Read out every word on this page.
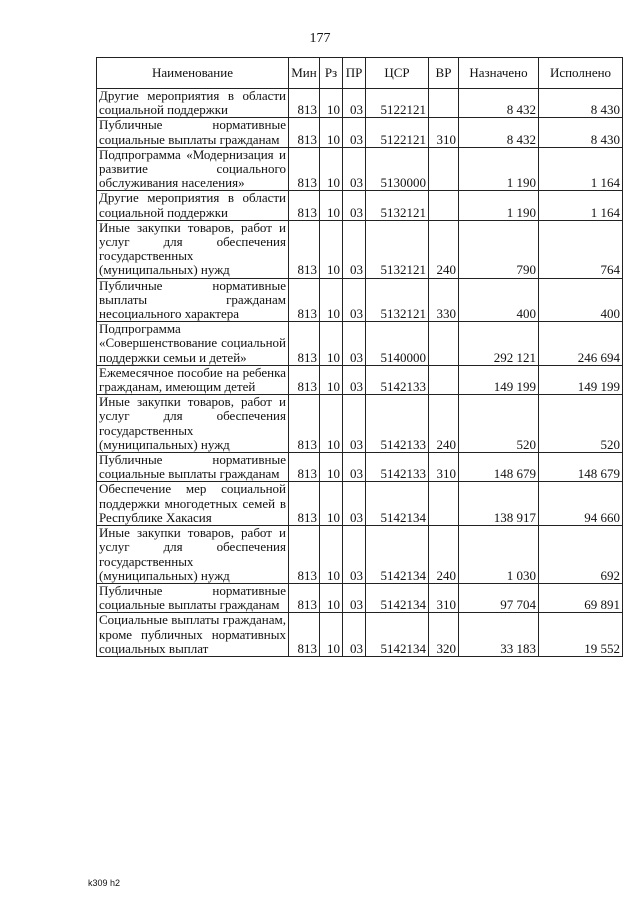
177
Наименование	Мин	Рз	ПР	ЦСР	ВР	Назначено	Исполнено
Другие мероприятия в области социальной поддержки	813	10	03	5122121		8 432	8 430
Публичные нормативные социальные выплаты гражданам	813	10	03	5122121	310	8 432	8 430
Подпрограмма «Модернизация и развитие социального обслуживания населения»	813	10	03	5130000		1 190	1 164
Другие мероприятия в области социальной поддержки	813	10	03	5132121		1 190	1 164
Иные закупки товаров, работ и услуг для обеспечения государственных (муниципальных) нужд	813	10	03	5132121	240	790	764
Публичные нормативные выплаты гражданам несоциального характера	813	10	03	5132121	330	400	400
Подпрограмма «Совершенствование социальной поддержки семьи и детей»	813	10	03	5140000		292 121	246 694
Ежемесячное пособие на ребенка гражданам, имеющим детей	813	10	03	5142133		149 199	149 199
Иные закупки товаров, работ и услуг для обеспечения государственных (муниципальных) нужд	813	10	03	5142133	240	520	520
Публичные нормативные социальные выплаты гражданам	813	10	03	5142133	310	148 679	148 679
Обеспечение мер социальной поддержки многодетных семей в Республике Хакасия	813	10	03	5142134		138 917	94 660
Иные закупки товаров, работ и услуг для обеспечения государственных (муниципальных) нужд	813	10	03	5142134	240	1 030	692
Публичные нормативные социальные выплаты гражданам	813	10	03	5142134	310	97 704	69 891
Социальные выплаты гражданам, кроме публичных нормативных социальных выплат	813	10	03	5142134	320	33 183	19 552
k309 h2
